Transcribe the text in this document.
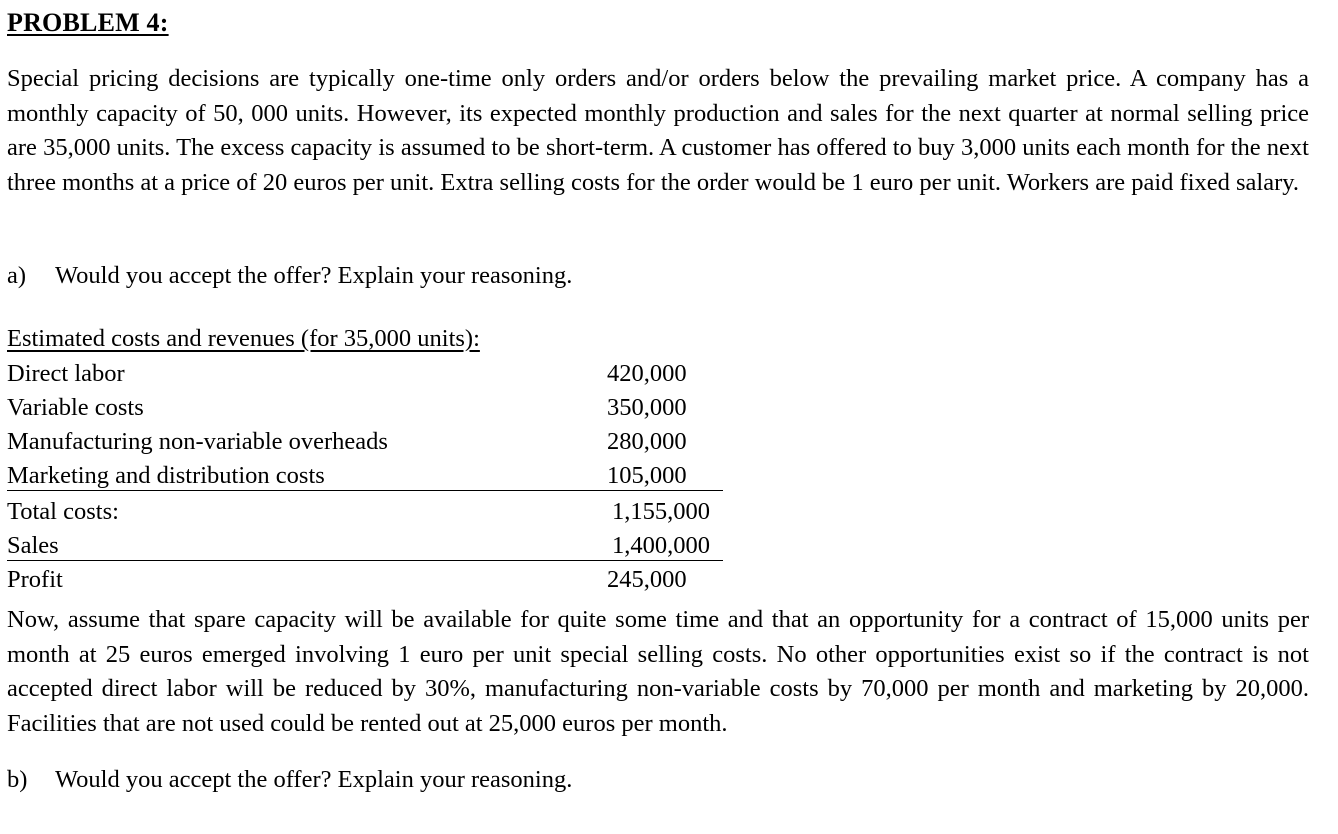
PROBLEM 4:

Special pricing decisions are typically one-time only orders and/or orders below the prevailing market price. A company has a monthly capacity of 50, 000 units. However, its expected monthly production and sales for the next quarter at normal selling price are 35,000 units. The excess capacity is assumed to be short-term. A customer has offered to buy 3,000 units each month for the next three months at a price of 20 euros per unit. Extra selling costs for the order would be 1 euro per unit. Workers are paid fixed salary.

a) Would you accept the offer? Explain your reasoning.
Estimated costs and revenues (for 35,000 units):
Direct labor	420,000
Variable costs	350,000
Manufacturing non-variable overheads	280,000
Marketing and distribution costs	105,000
Total costs:	1,155,000
Sales	1,400,000
Profit	245,000

Now, assume that spare capacity will be available for quite some time and that an opportunity for a contract of 15,000 units per month at 25 euros emerged involving 1 euro per unit special selling costs. No other opportunities exist so if the contract is not accepted direct labor will be reduced by 30%, manufacturing non-variable costs by 70,000 per month and marketing by 20,000. Facilities that are not used could be rented out at 25,000 euros per month.

b) Would you accept the offer? Explain your reasoning.
